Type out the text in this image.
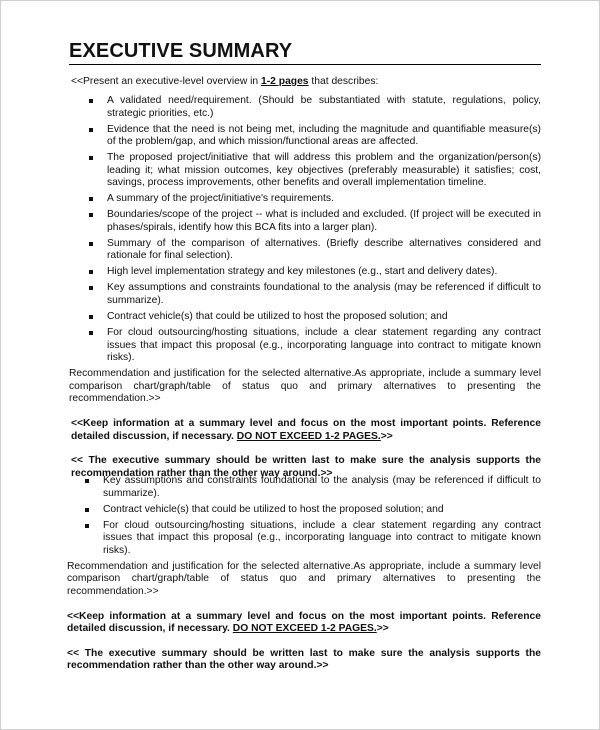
EXECUTIVE SUMMARY
<<Present an executive-level overview in 1-2 pages that describes:
A validated need/requirement. (Should be substantiated with statute, regulations, policy, strategic priorities, etc.)
Evidence that the need is not being met, including the magnitude and quantifiable measure(s) of the problem/gap, and which mission/functional areas are affected.
The proposed project/initiative that will address this problem and the organization/person(s) leading it; what mission outcomes, key objectives (preferably measurable) it satisfies; cost, savings, process improvements, other benefits and overall implementation timeline.
A summary of the project/initiative's requirements.
Boundaries/scope of the project -- what is included and excluded. (If project will be executed in phases/spirals, identify how this BCA fits into a larger plan).
Summary of the comparison of alternatives. (Briefly describe alternatives considered and rationale for final selection).
High level implementation strategy and key milestones (e.g., start and delivery dates).
Key assumptions and constraints foundational to the analysis (may be referenced if difficult to summarize).
Contract vehicle(s) that could be utilized to host the proposed solution; and
For cloud outsourcing/hosting situations, include a clear statement regarding any contract issues that impact this proposal (e.g., incorporating language into contract to mitigate known risks).
Recommendation and justification for the selected alternative.As appropriate, include a summary level comparison chart/graph/table of status quo and primary alternatives to presenting the recommendation.>>
<<Keep information at a summary level and focus on the most important points. Reference detailed discussion, if necessary. DO NOT EXCEED 1-2 PAGES.>>
<< The executive summary should be written last to make sure the analysis supports the recommendation rather than the other way around.>>
Key assumptions and constraints foundational to the analysis (may be referenced if difficult to summarize).
Contract vehicle(s) that could be utilized to host the proposed solution; and
For cloud outsourcing/hosting situations, include a clear statement regarding any contract issues that impact this proposal (e.g., incorporating language into contract to mitigate known risks).
Recommendation and justification for the selected alternative.As appropriate, include a summary level comparison chart/graph/table of status quo and primary alternatives to presenting the recommendation.>>
<<Keep information at a summary level and focus on the most important points. Reference detailed discussion, if necessary. DO NOT EXCEED 1-2 PAGES.>>
<< The executive summary should be written last to make sure the analysis supports the recommendation rather than the other way around.>>
